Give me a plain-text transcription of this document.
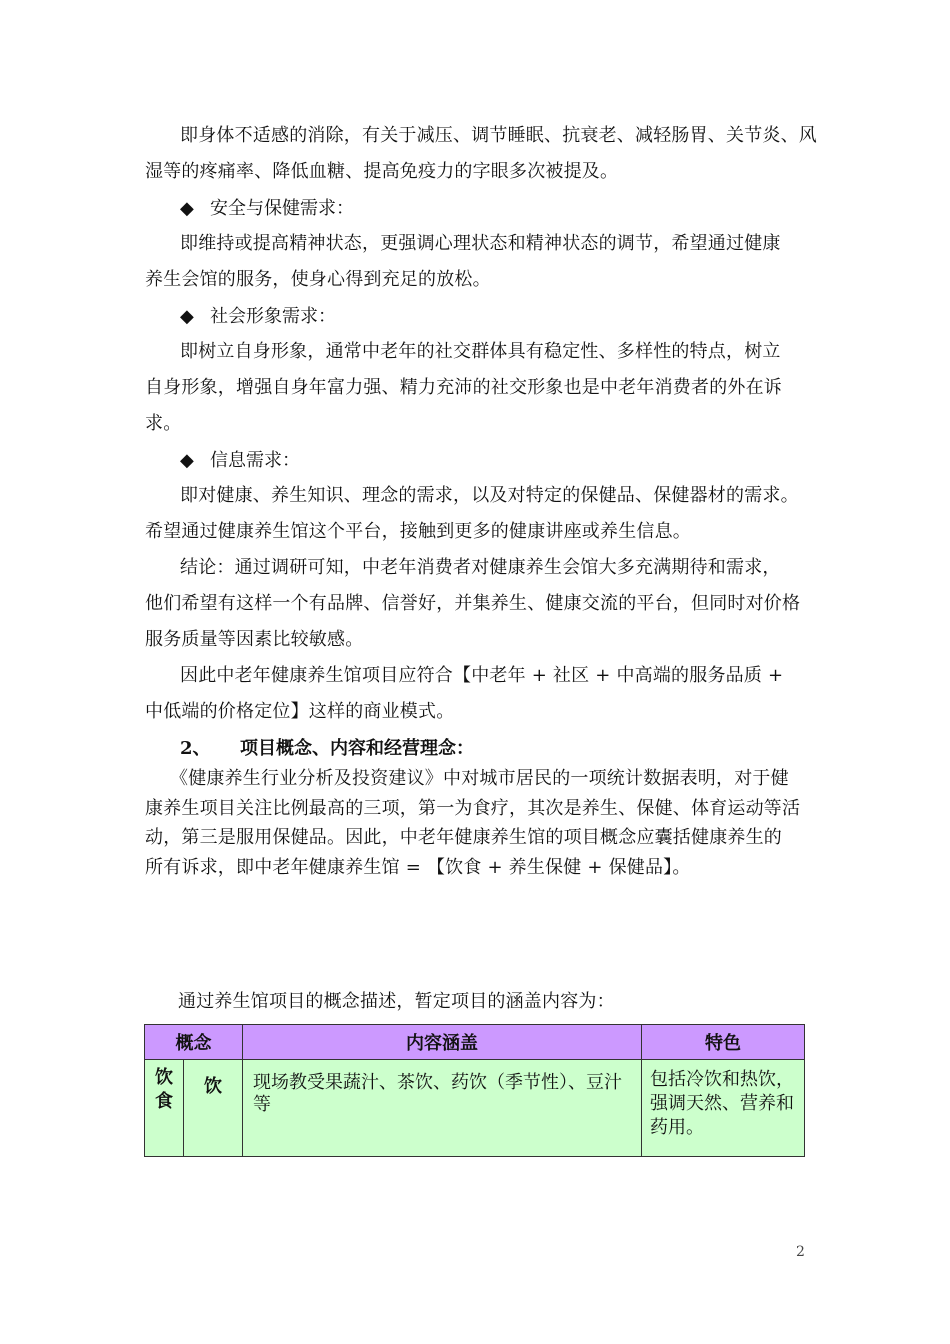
即身体不适感的消除，有关于减压、调节睡眠、抗衰老、减轻肠胃、关节炎、风
湿等的疼痛率、降低血糖、提高免疫力的字眼多次被提及。
◆ 安全与保健需求：
即维持或提高精神状态，更强调心理状态和精神状态的调节，希望通过健康
养生会馆的服务，使身心得到充足的放松。
◆ 社会形象需求：
即树立自身形象，通常中老年的社交群体具有稳定性、多样性的特点，树立
自身形象，增强自身年富力强、精力充沛的社交形象也是中老年消费者的外在诉
求。
◆ 信息需求：
即对健康、养生知识、理念的需求，以及对特定的保健品、保健器材的需求。
希望通过健康养生馆这个平台，接触到更多的健康讲座或养生信息。
结论：通过调研可知，中老年消费者对健康养生会馆大多充满期待和需求，
他们希望有这样一个有品牌、信誉好，并集养生、健康交流的平台，但同时对价格
服务质量等因素比较敏感。
因此中老年健康养生馆项目应符合【中老年 + 社区 + 中高端的服务品质 +
中低端的价格定位】这样的商业模式。
2、 项目概念、内容和经营理念：
《健康养生行业分析及投资建议》中对城市居民的一项统计数据表明，对于健
康养生项目关注比例最高的三项，第一为食疗，其次是养生、保健、体育运动等活
动，第三是服用保健品。因此，中老年健康养生馆的项目概念应囊括健康养生的
所有诉求，即中老年健康养生馆 = 【饮食 + 养生保健 + 保健品】。
通过养生馆项目的概念描述，暂定项目的涵盖内容为：
概念		内容涵盖	特色

饮
食	饮	现场教受果蔬汁、茶饮、药饮（季节性）、豆汁等	包括冷饮和热饮，强调天然、营养和药用。
2
